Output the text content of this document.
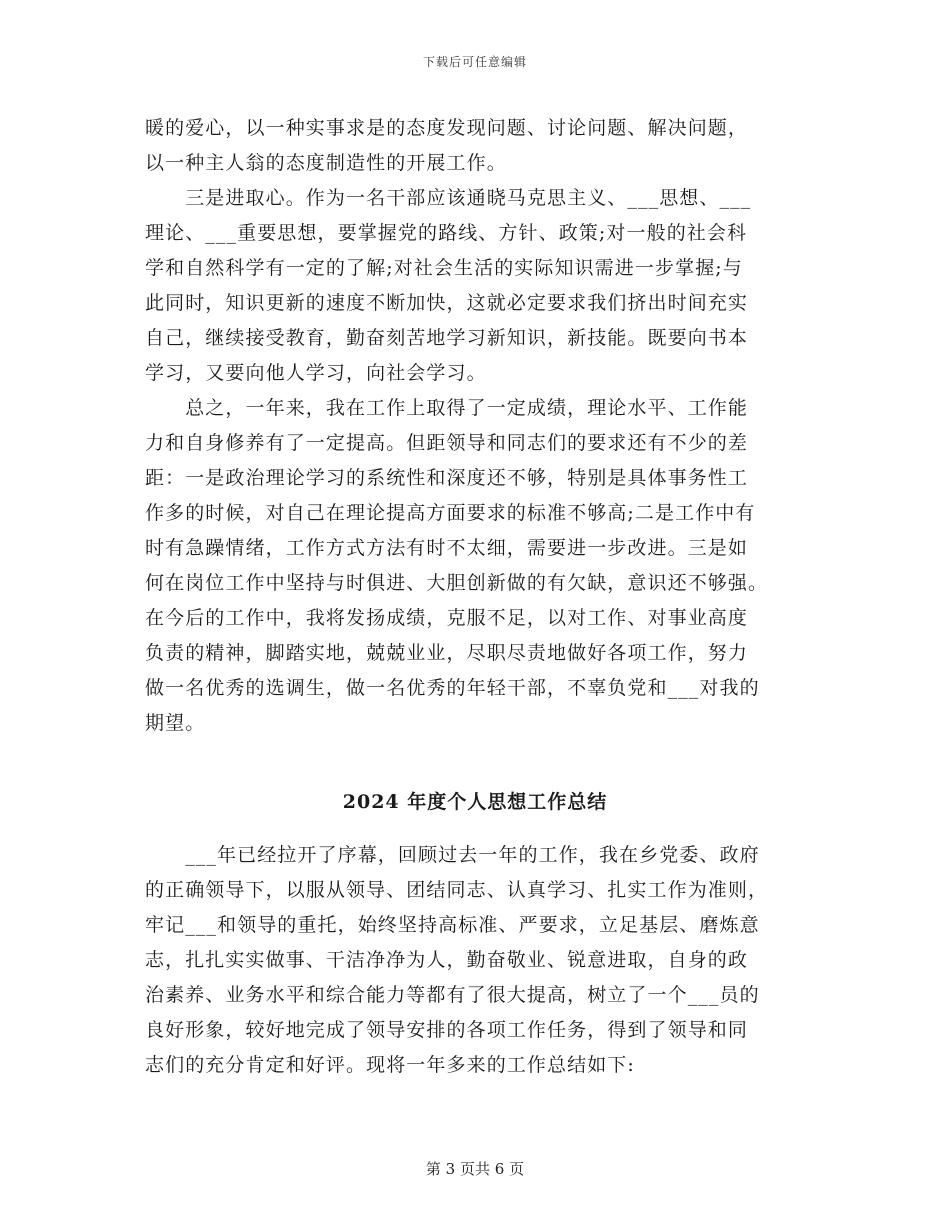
下载后可任意编辑
暖的爱心，以一种实事求是的态度发现问题、讨论问题、解决问题，
以一种主人翁的态度制造性的开展工作。
　　三是进取心。作为一名干部应该通晓马克思主义、___思想、___
理论、___重要思想，要掌握党的路线、方针、政策;对一般的社会科
学和自然科学有一定的了解;对社会生活的实际知识需进一步掌握;与
此同时，知识更新的速度不断加快，这就必定要求我们挤出时间充实
自己，继续接受教育，勤奋刻苦地学习新知识，新技能。既要向书本
学习，又要向他人学习，向社会学习。
　　总之，一年来，我在工作上取得了一定成绩，理论水平、工作能
力和自身修养有了一定提高。但距领导和同志们的要求还有不少的差
距：一是政治理论学习的系统性和深度还不够，特别是具体事务性工
作多的时候，对自己在理论提高方面要求的标准不够高;二是工作中有
时有急躁情绪，工作方式方法有时不太细，需要进一步改进。三是如
何在岗位工作中坚持与时俱进、大胆创新做的有欠缺，意识还不够强。
在今后的工作中，我将发扬成绩，克服不足，以对工作、对事业高度
负责的精神，脚踏实地，兢兢业业，尽职尽责地做好各项工作，努力
做一名优秀的选调生，做一名优秀的年轻干部，不辜负党和___对我的
期望。
2024 年度个人思想工作总结
　　___年已经拉开了序幕，回顾过去一年的工作，我在乡党委、政府
的正确领导下，以服从领导、团结同志、认真学习、扎实工作为准则，
牢记___和领导的重托，始终坚持高标准、严要求，立足基层、磨炼意
志，扎扎实实做事、干洁净净为人，勤奋敬业、锐意进取，自身的政
治素养、业务水平和综合能力等都有了很大提高，树立了一个___员的
良好形象，较好地完成了领导安排的各项工作任务，得到了领导和同
志们的充分肯定和好评。现将一年多来的工作总结如下:
第 3 页共 6 页
